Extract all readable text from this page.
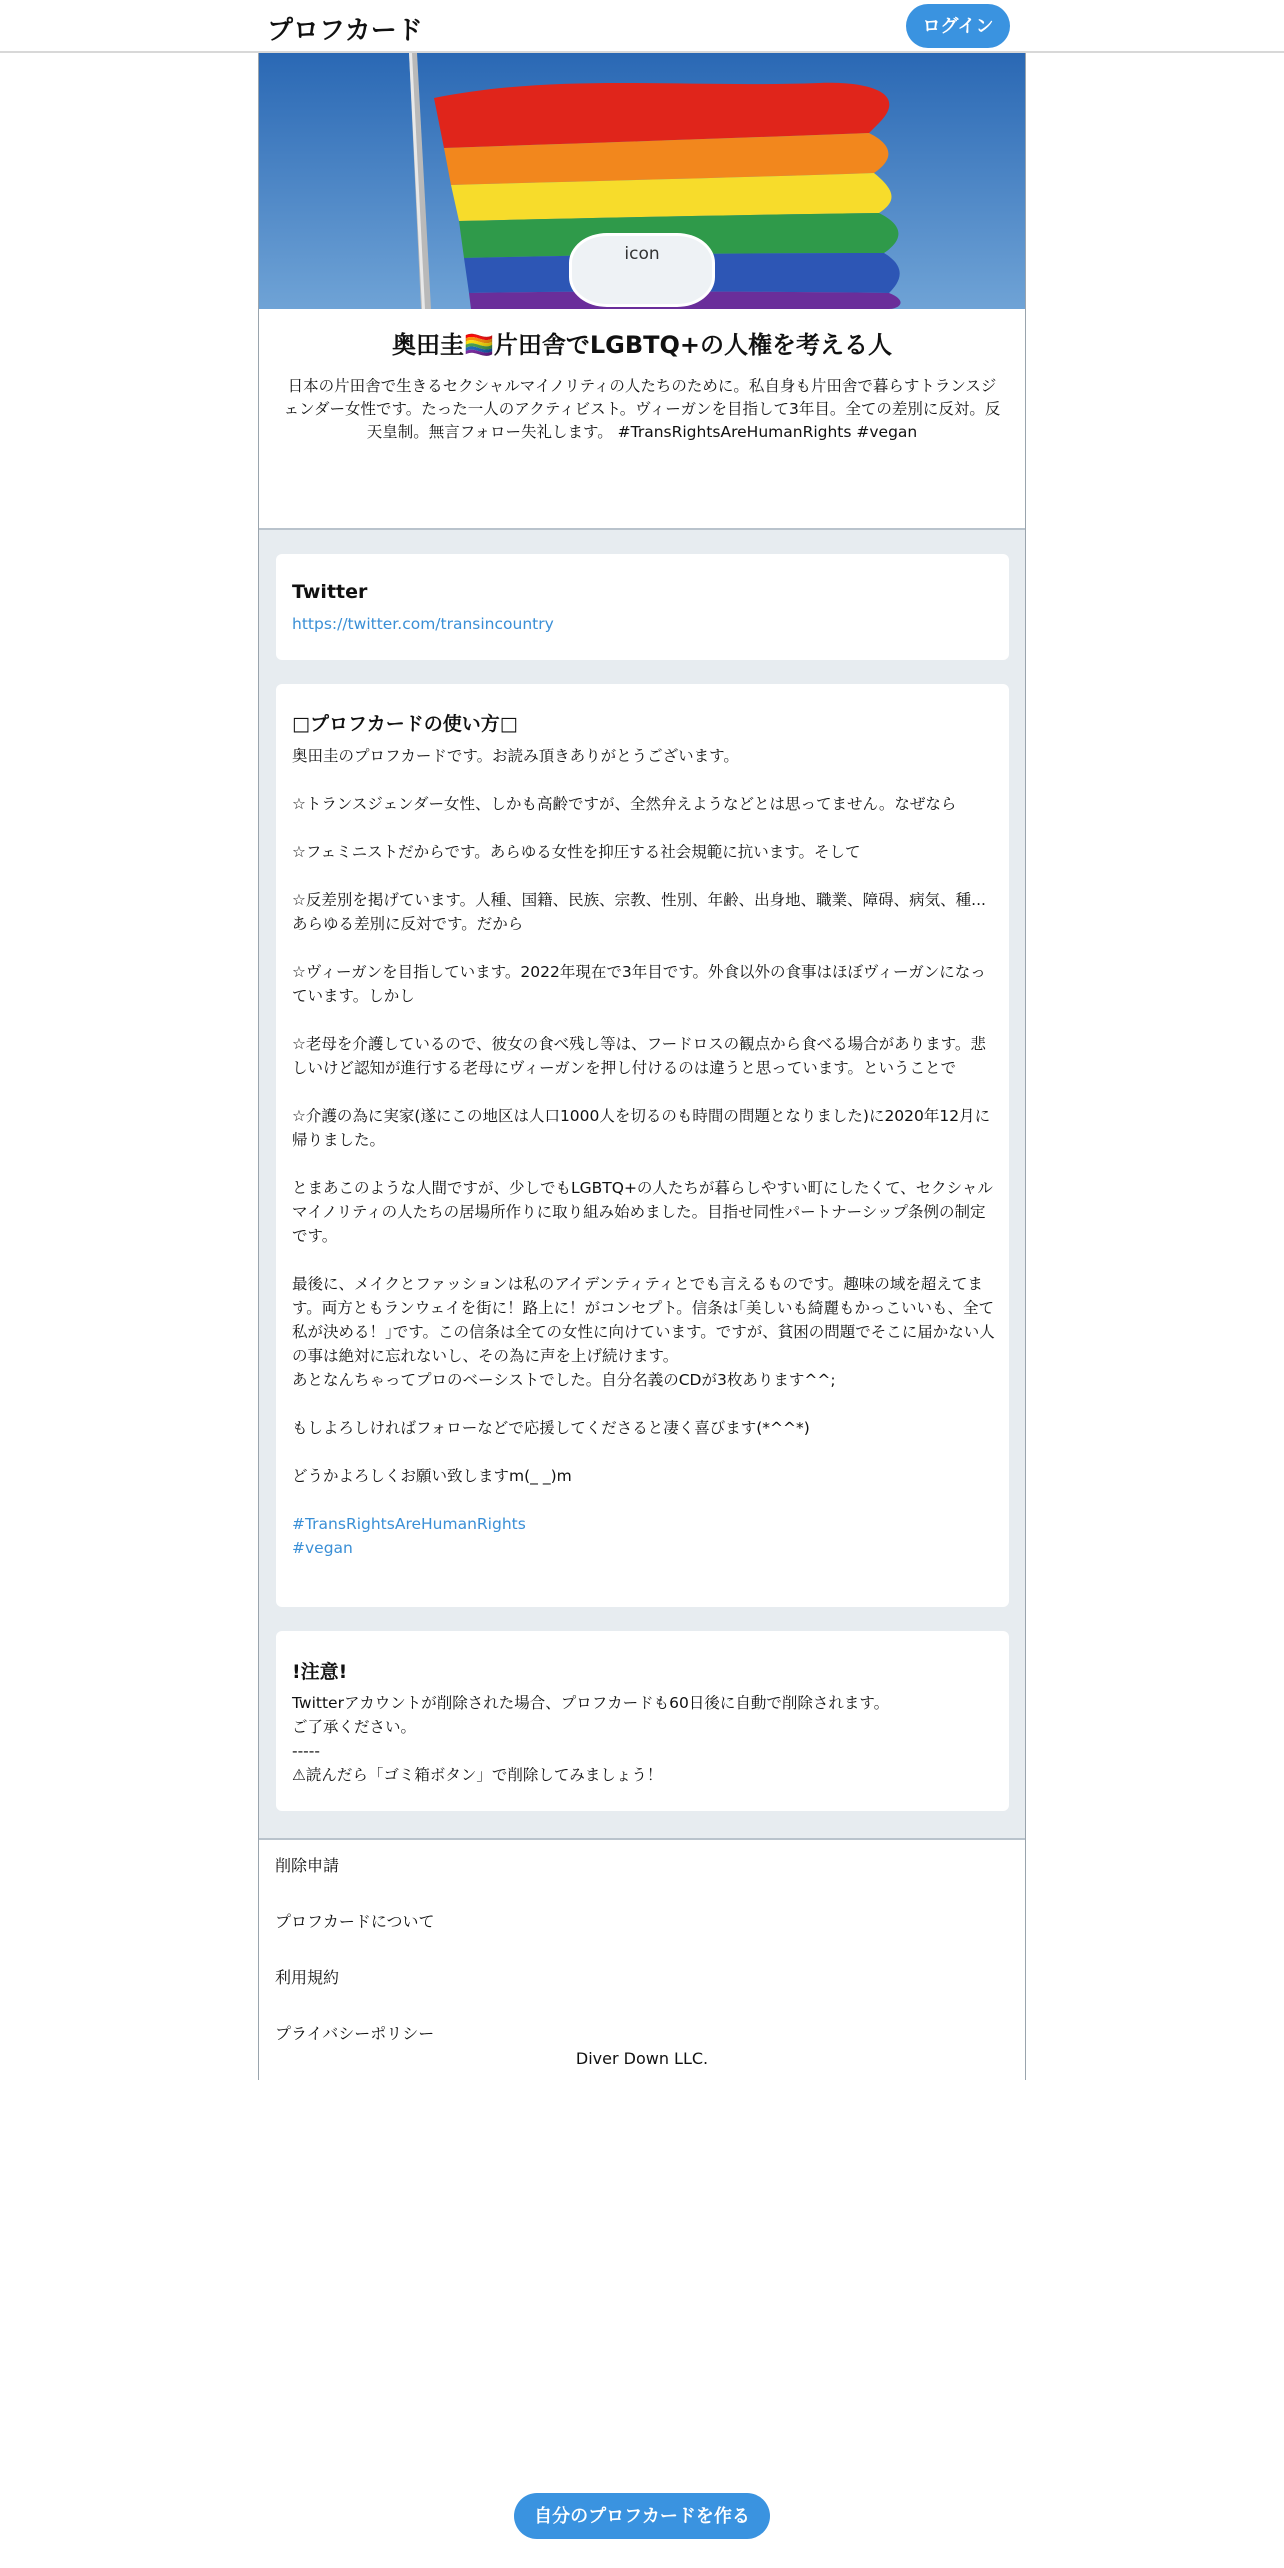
プロフカード	ログイン
icon
奥田圭🏳️‍🌈片田舎でLGBTQ+の人権を考える人
日本の片田舎で生きるセクシャルマイノリティの人たちのために。私自身も片田舎で暮らすトランスジェンダー女性です。たった一人のアクティビスト。ヴィーガンを目指して3年目。全ての差別に反対。反天皇制。無言フォロー失礼します。 #TransRightsAreHumanRights #vegan
Twitter
https://twitter.com/transincountry
□プロフカードの使い方□

奥田圭のプロフカードです。お読み頂きありがとうございます。

☆トランスジェンダー女性、しかも高齢ですが、全然弁えようなどとは思ってません。なぜなら

☆フェミニストだからです。あらゆる女性を抑圧する社会規範に抗います。そして

☆反差別を掲げています。人種、国籍、民族、宗教、性別、年齢、出身地、職業、障碍、病気、種...あらゆる差別に反対です。だから

☆ヴィーガンを目指しています。2022年現在で3年目です。外食以外の食事はほぼヴィーガンになっています。しかし

☆老母を介護しているので、彼女の食べ残し等は、フードロスの観点から食べる場合があります。悲しいけど認知が進行する老母にヴィーガンを押し付けるのは違うと思っています。ということで

☆介護の為に実家(遂にこの地区は人口1000人を切るのも時間の問題となりました)に2020年12月に帰りました。

とまあこのような人間ですが、少しでもLGBTQ+の人たちが暮らしやすい町にしたくて、セクシャルマイノリティの人たちの居場所作りに取り組み始めました。目指せ同性パートナーシップ条例の制定です。

最後に、メイクとファッションは私のアイデンティティとでも言えるものです。趣味の域を超えてます。両方ともランウェイを街に！路上に！がコンセプト。信条は｢美しいも綺麗もかっこいいも、全て私が決める！｣です。この信条は全ての女性に向けています。ですが、貧困の問題でそこに届かない人の事は絶対に忘れないし、その為に声を上げ続けます。

あとなんちゃってプロのベーシストでした。自分名義のCDが3枚あります^^;

もしよろしければフォローなどで応援してくださると凄く喜びます(*^^*)

どうかよろしくお願い致しますm(_ _)m

#TransRightsAreHumanRights

#vegan

!注意!
Twitterアカウントが削除された場合、プロフカードも60日後に自動で削除されます。
ご了承ください。
-----
⚠読んだら「ゴミ箱ボタン」で削除してみましょう！
削除申請
プロフカードについて
利用規約
プライバシーポリシー
Diver Down LLC.
自分のプロフカードを作る
